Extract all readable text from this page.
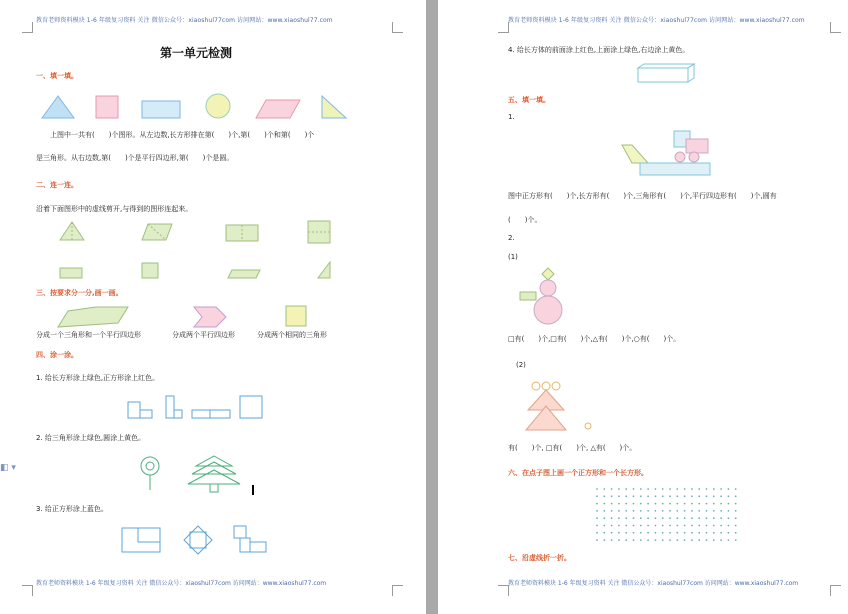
教育老师资料模块 1-6 年级复习资料 关注 微信公众号：xiaoshul77com 访问网站：www.xiaoshul77.com
第一单元检测
一、填一填。
上图中一共有(　　)个图形。从左边数,长方形排在第(　　)个,第(　　)个和第(　　)个
是三角形。从右边数,第(　　)个是平行四边形,第(　　)个是圆。
二、连一连。
沿着下面图形中的虚线剪开,与得到的图形连起来。
三、按要求分一分,画一画。
分成一个三角形和一个平行四边形	分成两个平行四边形	分成两个相同的三角形
四、涂一涂。
1. 给长方形涂上绿色,正方形涂上红色。
2. 给三角形涂上绿色,圆涂上黄色。
◧ ▾
3. 给正方形涂上蓝色。
教育老师资料模块 1-6 年级复习资料 关注 微信公众号：xiaoshul77com 访问网站：www.xiaoshul77.com
教育老师资料模块 1-6 年级复习资料 关注 微信公众号：xiaoshul77com 访问网站：www.xiaoshul77.com
4. 给长方体的前面涂上红色,上面涂上绿色,右边涂上黄色。
五、填一填。
1.
图中正方形有(　　)个,长方形有(　　)个,三角形有(　　)个,平行四边形有(　　)个,圆有
(　　)个。
2.
(1)
□有(　　)个,□有(　　)个,△有(　　)个,○有(　　)个。
(2)
有(　　)个, □有(　　)个, △有(　　)个。
六、在点子图上画一个正方形和一个长方形。
七、沿虚线折一折。
教育老师资料模块 1-6 年级复习资料 关注 微信公众号：xiaoshul77com 访问网站：www.xiaoshul77.com
